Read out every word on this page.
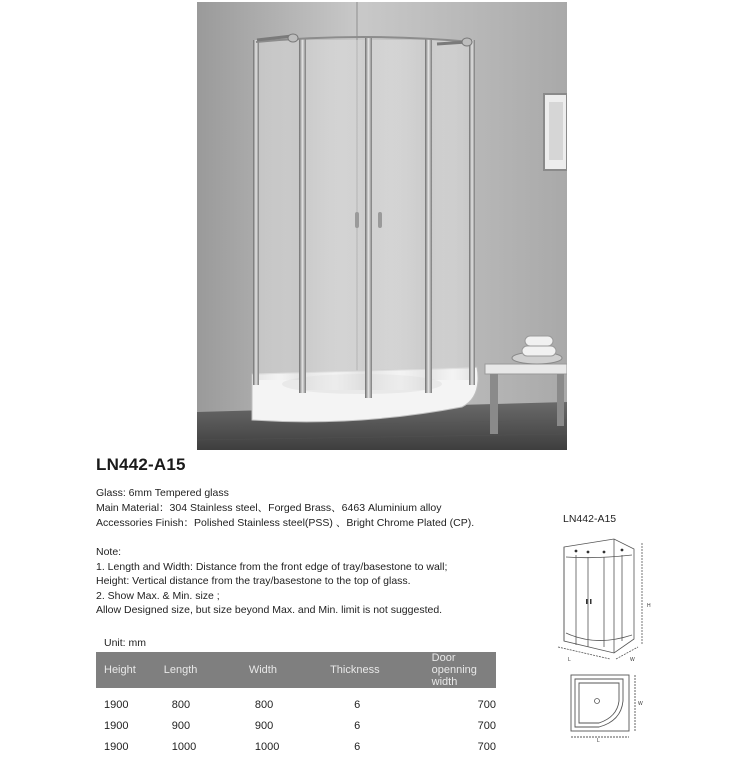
LN442-A15
Glass: 6mm Tempered glass
Main Material：304 Stainless steel、Forged Brass、6463 Aluminium alloy
Accessories Finish：Polished Stainless steel(PSS) 、Bright Chrome Plated (CP).
Note:
1. Length and Width: Distance from the front edge of tray/basestone to wall;
Height: Vertical distance from the tray/basestone to the top of glass.
2. Show Max. & Min. size ;
Allow Designed size, but size beyond Max. and Min. limit is not suggested.
Unit: mm
Height	Length	Width	Thickness	Door openning width
1900	800	800	6	700
1900	900	900	6	700
1900	1000	1000	6	700
LN442-A15
H
L	W
W
L
